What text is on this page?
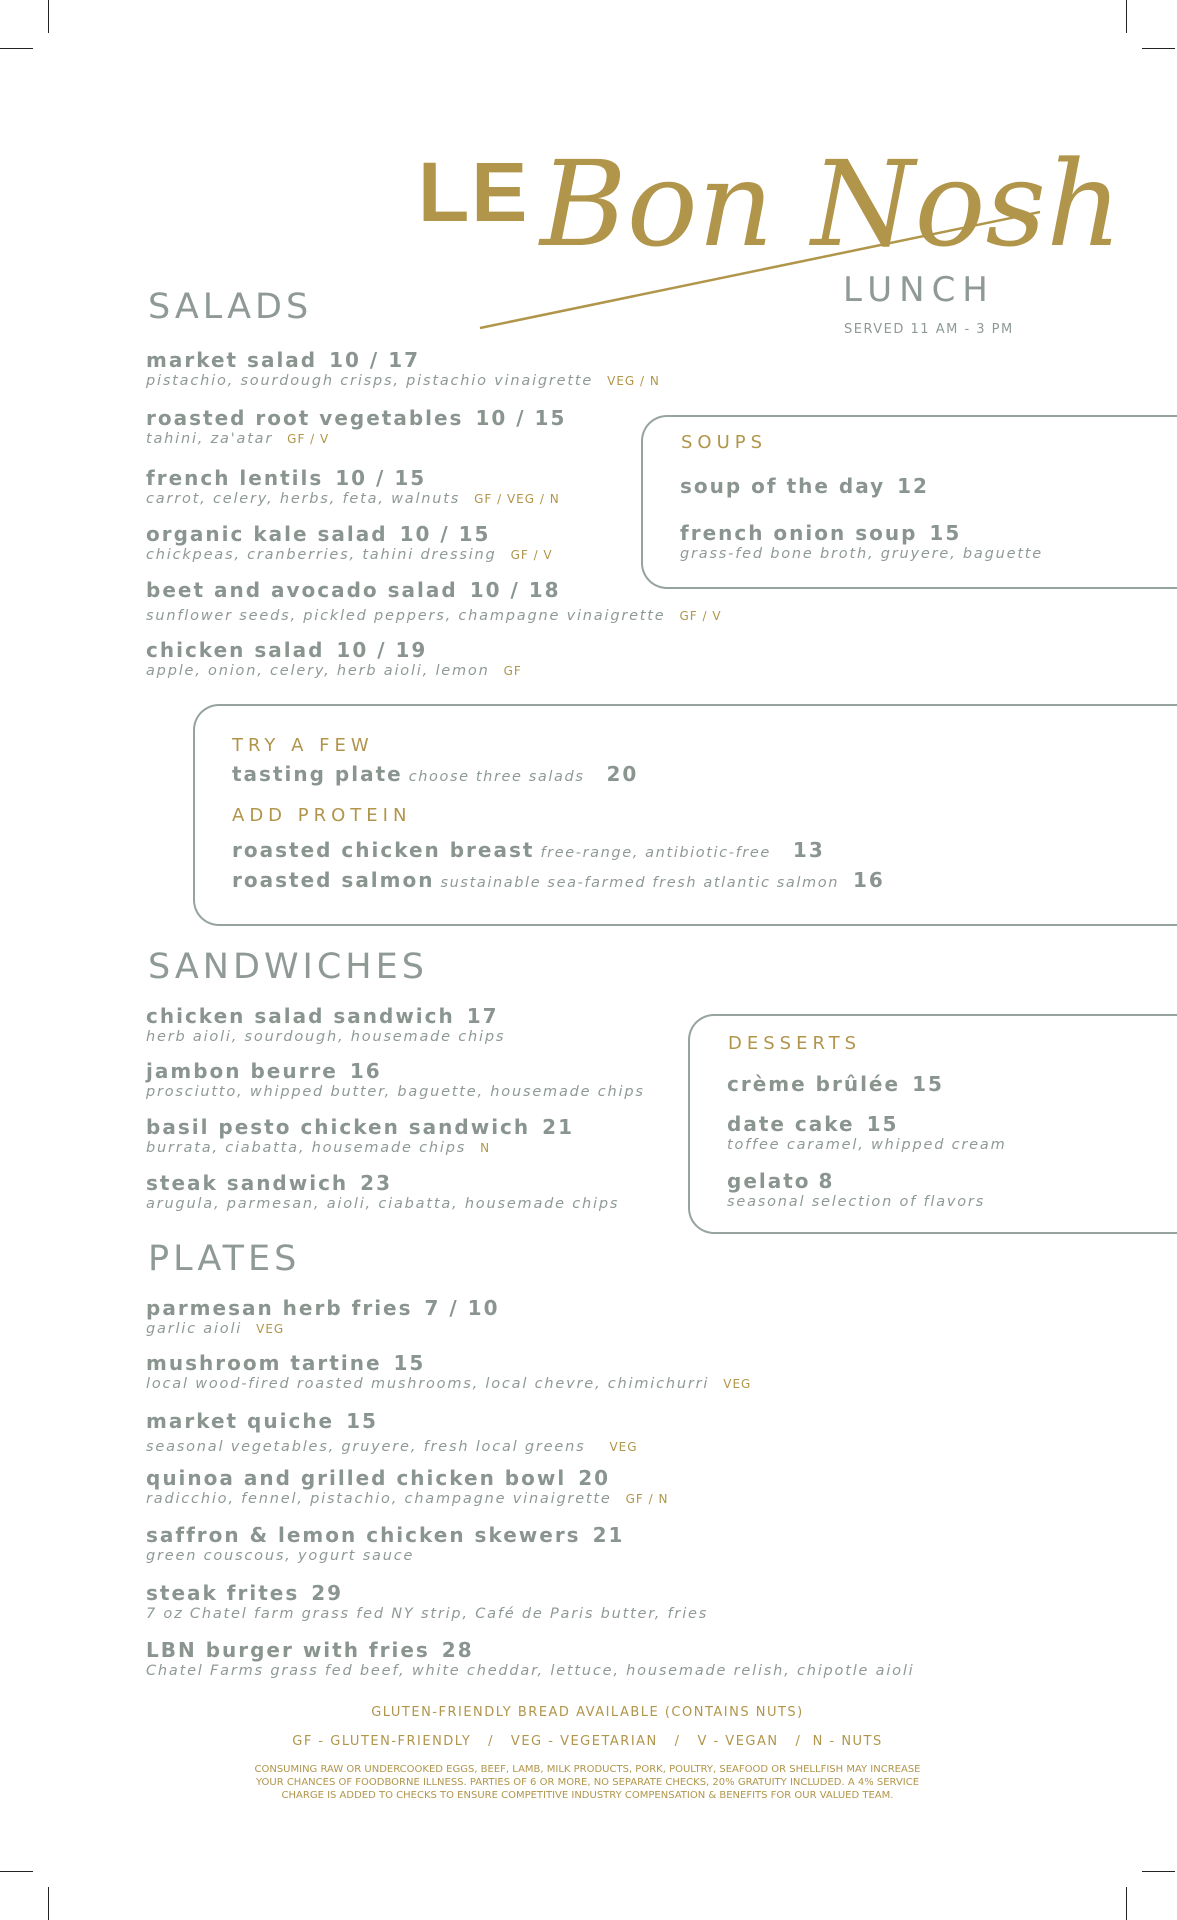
LE Bon Nosh
LUNCH
SERVED 11 AM - 3 PM
SALADS
market salad 10 / 17
pistachio, sourdough crisps, pistachio vinaigrette VEG / N
roasted root vegetables 10 / 15
tahini, za'atar GF / V
french lentils 10 / 15
carrot, celery, herbs, feta, walnuts GF / VEG / N
organic kale salad 10 / 15
chickpeas, cranberries, tahini dressing GF / V
beet and avocado salad 10 / 18
sunflower seeds, pickled peppers, champagne vinaigrette GF / V
chicken salad 10 / 19
apple, onion, celery, herb aioli, lemon GF
SOUPS
soup of the day 12
french onion soup 15
grass-fed bone broth, gruyere, baguette
TRY A FEW
tasting plate choose three salads 20
ADD PROTEIN
roasted chicken breast free-range, antibiotic-free 13
roasted salmon sustainable sea-farmed fresh atlantic salmon 16
SANDWICHES
chicken salad sandwich 17
herb aioli, sourdough, housemade chips
jambon beurre 16
prosciutto, whipped butter, baguette, housemade chips
basil pesto chicken sandwich 21
burrata, ciabatta, housemade chips N
steak sandwich 23
arugula, parmesan, aioli, ciabatta, housemade chips
DESSERTS
crème brûlée 15
date cake 15
toffee caramel, whipped cream
gelato 8
seasonal selection of flavors
PLATES
parmesan herb fries 7 / 10
garlic aioli VEG
mushroom tartine 15
local wood-fired roasted mushrooms, local chevre, chimichurri VEG
market quiche 15
seasonal vegetables, gruyere, fresh local greens VEG
quinoa and grilled chicken bowl 20
radicchio, fennel, pistachio, champagne vinaigrette GF / N
saffron & lemon chicken skewers 21
green couscous, yogurt sauce
steak frites 29
7 oz Chatel farm grass fed NY strip, Café de Paris butter, fries
LBN burger with fries 28
Chatel Farms grass fed beef, white cheddar, lettuce, housemade relish, chipotle aioli
GLUTEN-FRIENDLY BREAD AVAILABLE (CONTAINS NUTS)
GF - GLUTEN-FRIENDLY   /   VEG - VEGETARIAN   /   V - VEGAN   /  N - NUTS
CONSUMING RAW OR UNDERCOOKED EGGS, BEEF, LAMB, MILK PRODUCTS, PORK, POULTRY, SEAFOOD OR SHELLFISH MAY INCREASE
YOUR CHANCES OF FOODBORNE ILLNESS. PARTIES OF 6 OR MORE, NO SEPARATE CHECKS, 20% GRATUITY INCLUDED. A 4% SERVICE
CHARGE IS ADDED TO CHECKS TO ENSURE COMPETITIVE INDUSTRY COMPENSATION & BENEFITS FOR OUR VALUED TEAM.
